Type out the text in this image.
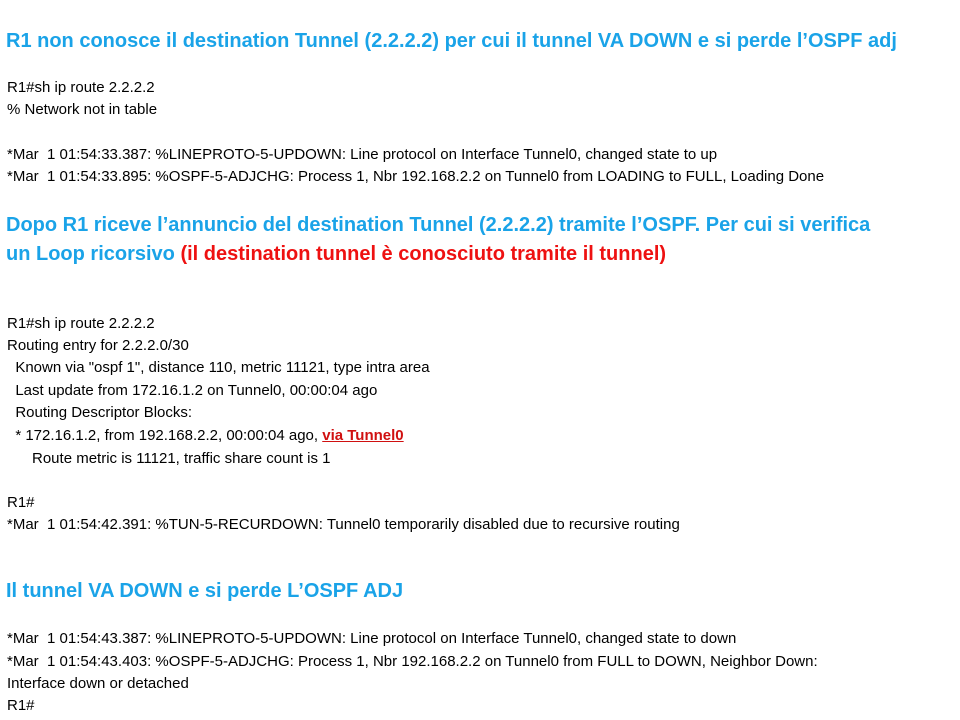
R1 non conosce il destination Tunnel (2.2.2.2) per cui il tunnel VA DOWN e si perde l’OSPF adj
R1#sh ip route 2.2.2.2
% Network not in table
*Mar  1 01:54:33.387: %LINEPROTO-5-UPDOWN: Line protocol on Interface Tunnel0, changed state to up
*Mar  1 01:54:33.895: %OSPF-5-ADJCHG: Process 1, Nbr 192.168.2.2 on Tunnel0 from LOADING to FULL, Loading Done
Dopo R1 riceve l’annuncio del destination Tunnel (2.2.2.2) tramite l’OSPF. Per cui si verifica
un Loop ricorsivo (il destination tunnel è conosciuto tramite il tunnel)
R1#sh ip route 2.2.2.2
Routing entry for 2.2.2.0/30
Known via "ospf 1", distance 110, metric 11121, type intra area
Last update from 172.16.1.2 on Tunnel0, 00:00:04 ago
Routing Descriptor Blocks:
* 172.16.1.2, from 192.168.2.2, 00:00:04 ago, via Tunnel0
Route metric is 11121, traffic share count is 1
R1#
*Mar  1 01:54:42.391: %TUN-5-RECURDOWN: Tunnel0 temporarily disabled due to recursive routing
Il tunnel VA DOWN e si perde L’OSPF ADJ
*Mar  1 01:54:43.387: %LINEPROTO-5-UPDOWN: Line protocol on Interface Tunnel0, changed state to down
*Mar  1 01:54:43.403: %OSPF-5-ADJCHG: Process 1, Nbr 192.168.2.2 on Tunnel0 from FULL to DOWN, Neighbor Down:
Interface down or detached
R1#
